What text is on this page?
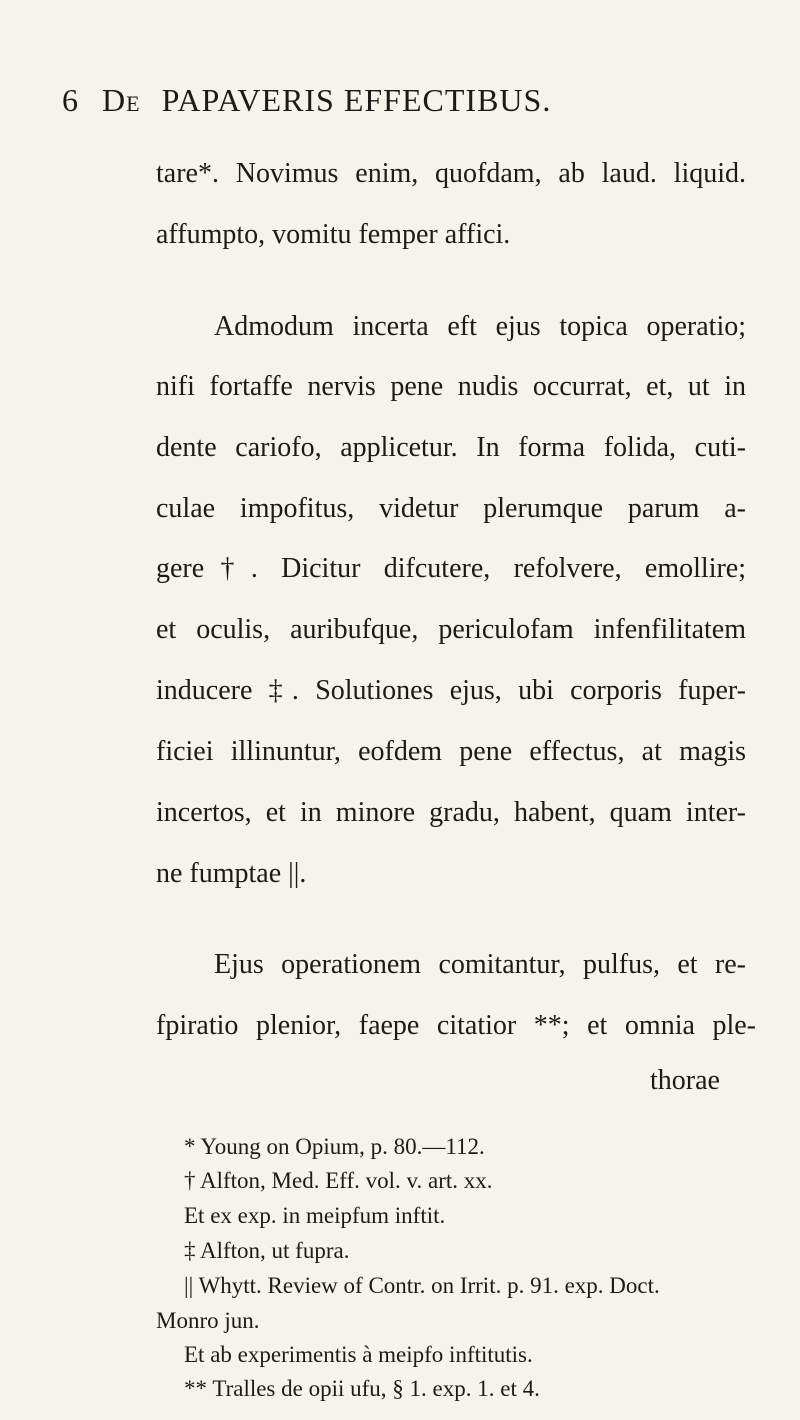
6 De PAPAVERIS EFFECTIBUS.
tare*. Novimus enim, quofdam, ab laud. liquid.
affumpto, vomitu femper affici.
Admodum incerta eft ejus topica operatio;
nifi fortaffe nervis pene nudis occurrat, et, ut in
dente cariofo, applicetur. In forma folida, cuti-
culae impofitus, videtur plerumque parum a-
gere†. Dicitur difcutere, refolvere, emollire;
et oculis, auribufque, periculofam infenfilitatem
inducere ‡. Solutiones ejus, ubi corporis fuper-
ficiei illinuntur, eofdem pene effectus, at magis
incertos, et in minore gradu, habent, quam inter-
ne fumptae ||.
Ejus operationem comitantur, pulfus, et re-
fpiratio plenior, faepe citatior **; et omnia ple-
thorae
* Young on Opium, p. 80.—112.
† Alfton, Med. Eff. vol. v. art. xx.
Et ex exp. in meipfum inftit.
‡ Alfton, ut fupra.
|| Whytt. Review of Contr. on Irrit. p. 91. exp. Doct.
Monro jun.
Et ab experimentis à meipfo inftitutis.
** Tralles de opii ufu, § 1. exp. 1. et 4.
